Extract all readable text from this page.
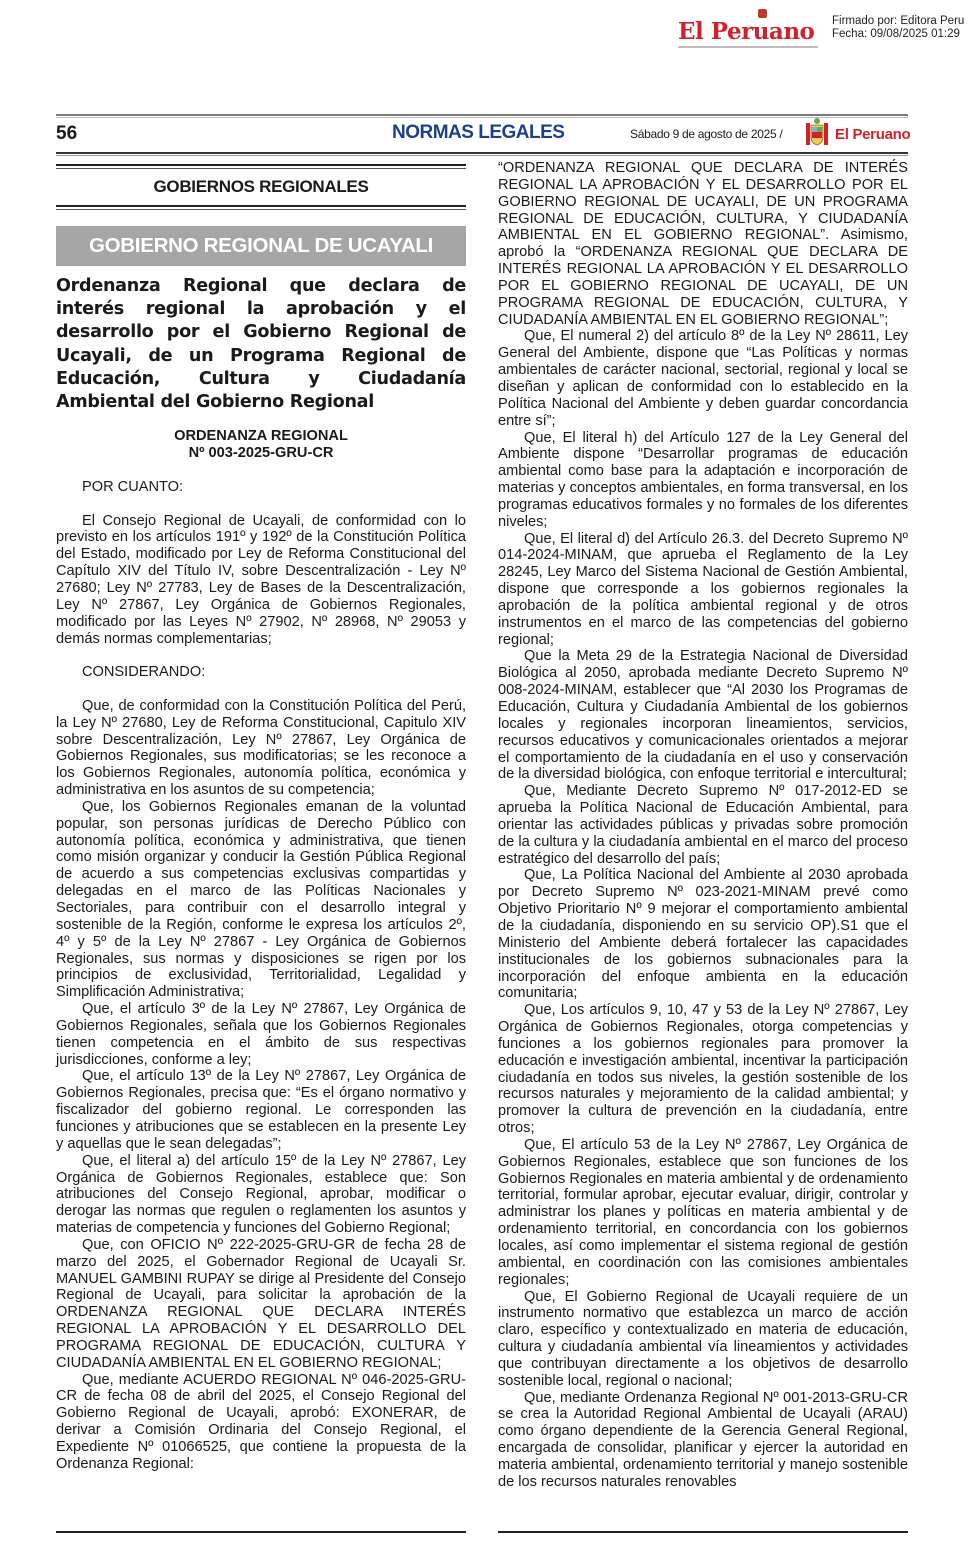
El Peruano	Firmado por: Editora Peru
Fecha: 09/08/2025 01:29
56	NORMAS LEGALES	Sábado 9 de agosto de 2025 /	El Peruano
GOBIERNOS REGIONALES
GOBIERNO REGIONAL DE UCAYALI
Ordenanza Regional que declara de interés regional la aprobación y el desarrollo por el Gobierno Regional de Ucayali, de un Programa Regional de Educación, Cultura y Ciudadanía Ambiental del Gobierno Regional
ORDENANZA REGIONAL
Nº 003-2025-GRU-CR

POR CUANTO:

El Consejo Regional de Ucayali, de conformidad con lo previsto en los artículos 191º y 192º de la Constitución Política del Estado, modificado por Ley de Reforma Constitucional del Capítulo XIV del Título IV, sobre Descentralización - Ley Nº 27680; Ley Nº 27783, Ley de Bases de la Descentralización, Ley Nº 27867, Ley Orgánica de Gobiernos Regionales, modificado por las Leyes Nº 27902, Nº 28968, Nº 29053 y demás normas complementarias;

CONSIDERANDO:

Que, de conformidad con la Constitución Política del Perú, la Ley Nº 27680, Ley de Reforma Constitucional, Capitulo XIV sobre Descentralización, Ley Nº 27867, Ley Orgánica de Gobiernos Regionales, sus modificatorias; se les reconoce a los Gobiernos Regionales, autonomía política, económica y administrativa en los asuntos de su competencia;

Que, los Gobiernos Regionales emanan de la voluntad popular, son personas jurídicas de Derecho Público con autonomía política, económica y administrativa, que tienen como misión organizar y conducir la Gestión Pública Regional de acuerdo a sus competencias exclusivas compartidas y delegadas en el marco de las Políticas Nacionales y Sectoriales, para contribuir con el desarrollo integral y sostenible de la Región, conforme le expresa los artículos 2º, 4º y 5º de la Ley Nº 27867 - Ley Orgánica de Gobiernos Regionales, sus normas y disposiciones se rigen por los principios de exclusividad, Territorialidad, Legalidad y Simplificación Administrativa;

Que, el artículo 3º de la Ley Nº 27867, Ley Orgánica de Gobiernos Regionales, señala que los Gobiernos Regionales tienen competencia en el ámbito de sus respectivas jurisdicciones, conforme a ley;

Que, el artículo 13º de la Ley Nº 27867, Ley Orgánica de Gobiernos Regionales, precisa que: “Es el órgano normativo y fiscalizador del gobierno regional. Le corresponden las funciones y atribuciones que se establecen en la presente Ley y aquellas que le sean delegadas”;

Que, el literal a) del artículo 15º de la Ley Nº 27867, Ley Orgánica de Gobiernos Regionales, establece que: Son atribuciones del Consejo Regional, aprobar, modificar o derogar las normas que regulen o reglamenten los asuntos y materias de competencia y funciones del Gobierno Regional;

Que, con OFICIO Nº 222-2025-GRU-GR de fecha 28 de marzo del 2025, el Gobernador Regional de Ucayali Sr. MANUEL GAMBINI RUPAY se dirige al Presidente del Consejo Regional de Ucayali, para solicitar la aprobación de la ORDENANZA REGIONAL QUE DECLARA INTERÉS REGIONAL LA APROBACIÓN Y EL DESARROLLO DEL PROGRAMA REGIONAL DE EDUCACIÓN, CULTURA Y CIUDADANÍA AMBIENTAL EN EL GOBIERNO REGIONAL;

Que, mediante ACUERDO REGIONAL Nº 046-2025-GRU-CR de fecha 08 de abril del 2025, el Consejo Regional del Gobierno Regional de Ucayali, aprobó: EXONERAR, de derivar a Comisión Ordinaria del Consejo Regional, el Expediente Nº 01066525, que contiene la propuesta de la Ordenanza Regional:

“ORDENANZA REGIONAL QUE DECLARA DE INTERÉS REGIONAL LA APROBACIÓN Y EL DESARROLLO POR EL GOBIERNO REGIONAL DE UCAYALI, DE UN PROGRAMA REGIONAL DE EDUCACIÓN, CULTURA, Y CIUDADANÍA AMBIENTAL EN EL GOBIERNO REGIONAL”. Asimismo, aprobó la “ORDENANZA REGIONAL QUE DECLARA DE INTERÉS REGIONAL LA APROBACIÓN Y EL DESARROLLO POR EL GOBIERNO REGIONAL DE UCAYALI, DE UN PROGRAMA REGIONAL DE EDUCACIÓN, CULTURA, Y CIUDADANÍA AMBIENTAL EN EL GOBIERNO REGIONAL”;

Que, El numeral 2) del artículo 8º de la Ley Nº 28611, Ley General del Ambiente, dispone que “Las Políticas y normas ambientales de carácter nacional, sectorial, regional y local se diseñan y aplican de conformidad con lo establecido en la Política Nacional del Ambiente y deben guardar concordancia entre sí”;

Que, El literal h) del Artículo 127 de la Ley General del Ambiente dispone “Desarrollar programas de educación ambiental como base para la adaptación e incorporación de materias y conceptos ambientales, en forma transversal, en los programas educativos formales y no formales de los diferentes niveles;

Que, El literal d) del Artículo 26.3. del Decreto Supremo Nº 014-2024-MINAM, que aprueba el Reglamento de la Ley 28245, Ley Marco del Sistema Nacional de Gestión Ambiental, dispone que corresponde a los gobiernos regionales la aprobación de la política ambiental regional y de otros instrumentos en el marco de las competencias del gobierno regional;

Que la Meta 29 de la Estrategia Nacional de Diversidad Biológica al 2050, aprobada mediante Decreto Supremo Nº 008-2024-MINAM, establecer que “Al 2030 los Programas de Educación, Cultura y Ciudadanía Ambiental de los gobiernos locales y regionales incorporan lineamientos, servicios, recursos educativos y comunicacionales orientados a mejorar el comportamiento de la ciudadanía en el uso y conservación de la diversidad biológica, con enfoque territorial e intercultural;

Que, Mediante Decreto Supremo Nº 017-2012-ED se aprueba la Política Nacional de Educación Ambiental, para orientar las actividades públicas y privadas sobre promoción de la cultura y la ciudadanía ambiental en el marco del proceso estratégico del desarrollo del país;

Que, La Política Nacional del Ambiente al 2030 aprobada por Decreto Supremo Nº 023-2021-MINAM prevé como Objetivo Prioritario Nº 9 mejorar el comportamiento ambiental de la ciudadanía, disponiendo en su servicio OP).S1 que el Ministerio del Ambiente deberá fortalecer las capacidades institucionales de los gobiernos subnacionales para la incorporación del enfoque ambienta en la educación comunitaria;

Que, Los artículos 9, 10, 47 y 53 de la Ley Nº 27867, Ley Orgánica de Gobiernos Regionales, otorga competencias y funciones a los gobiernos regionales para promover la educación e investigación ambiental, incentivar la participación ciudadanía en todos sus niveles, la gestión sostenible de los recursos naturales y mejoramiento de la calidad ambiental; y promover la cultura de prevención en la ciudadanía, entre otros;

Que, El artículo 53 de la Ley Nº 27867, Ley Orgánica de Gobiernos Regionales, establece que son funciones de los Gobiernos Regionales en materia ambiental y de ordenamiento territorial, formular aprobar, ejecutar evaluar, dirigir, controlar y administrar los planes y políticas en materia ambiental y de ordenamiento territorial, en concordancia con los gobiernos locales, así como implementar el sistema regional de gestión ambiental, en coordinación con las comisiones ambientales regionales;

Que, El Gobierno Regional de Ucayali requiere de un instrumento normativo que establezca un marco de acción claro, específico y contextualizado en materia de educación, cultura y ciudadanía ambiental vía lineamientos y actividades que contribuyan directamente a los objetivos de desarrollo sostenible local, regional o nacional;

Que, mediante Ordenanza Regional Nº 001-2013-GRU-CR se crea la Autoridad Regional Ambiental de Ucayali (ARAU) como órgano dependiente de la Gerencia General Regional, encargada de consolidar, planificar y ejercer la autoridad en materia ambiental, ordenamiento territorial y manejo sostenible de los recursos naturales renovables
